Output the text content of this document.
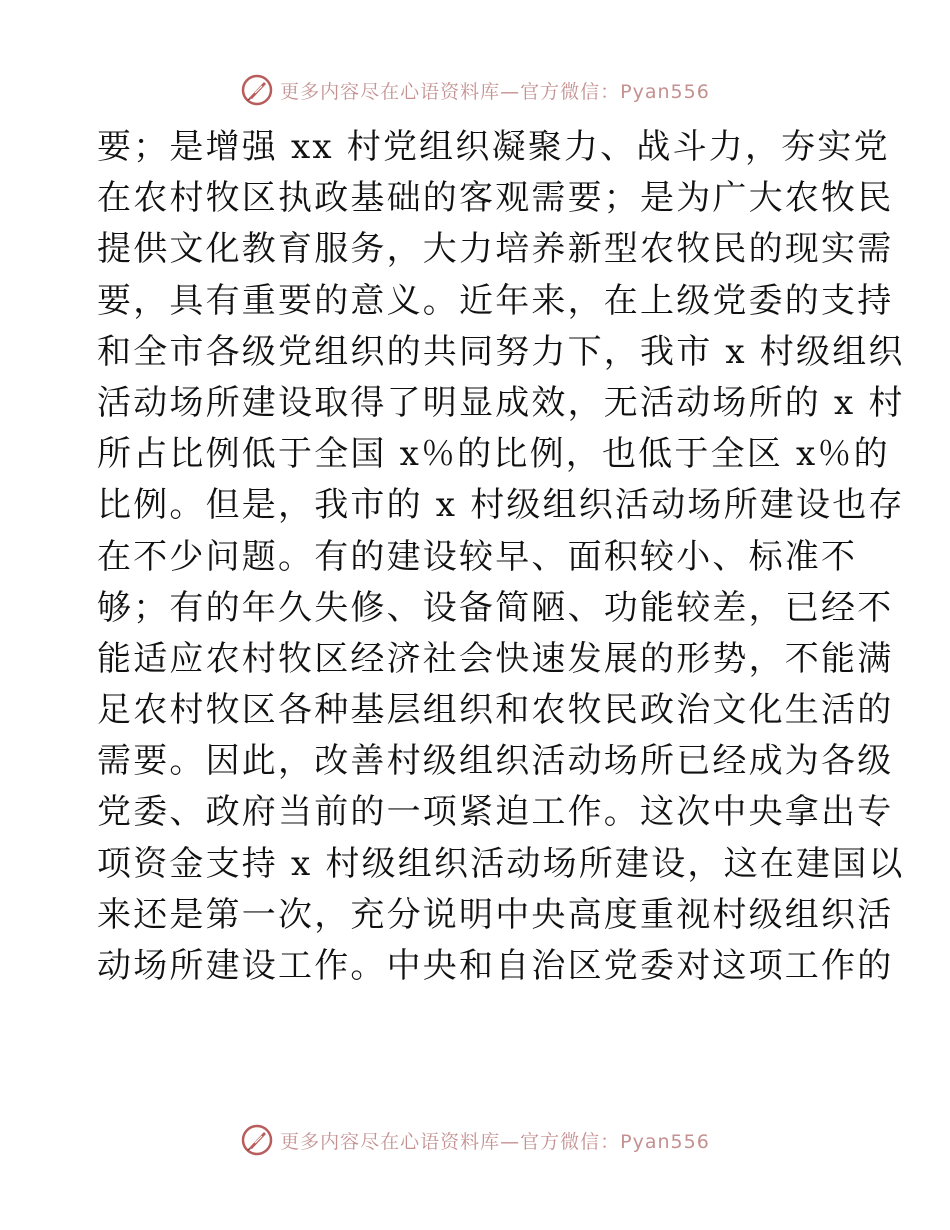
更多内容尽在心语资料库—官方微信：Pyan556
要；是增强 xx 村党组织凝聚力、战斗力，夯实党
在农村牧区执政基础的客观需要；是为广大农牧民
提供文化教育服务，大力培养新型农牧民的现实需
要，具有重要的意义。近年来，在上级党委的支持
和全市各级党组织的共同努力下，我市 x 村级组织
活动场所建设取得了明显成效，无活动场所的 x 村
所占比例低于全国 x％的比例，也低于全区 x％的
比例。但是，我市的 x 村级组织活动场所建设也存
在不少问题。有的建设较早、面积较小、标准不
够；有的年久失修、设备简陋、功能较差，已经不
能适应农村牧区经济社会快速发展的形势，不能满
足农村牧区各种基层组织和农牧民政治文化生活的
需要。因此，改善村级组织活动场所已经成为各级
党委、政府当前的一项紧迫工作。这次中央拿出专
项资金支持 x 村级组织活动场所建设，这在建国以
来还是第一次，充分说明中央高度重视村级组织活
动场所建设工作。中央和自治区党委对这项工作的
更多内容尽在心语资料库—官方微信：Pyan556
